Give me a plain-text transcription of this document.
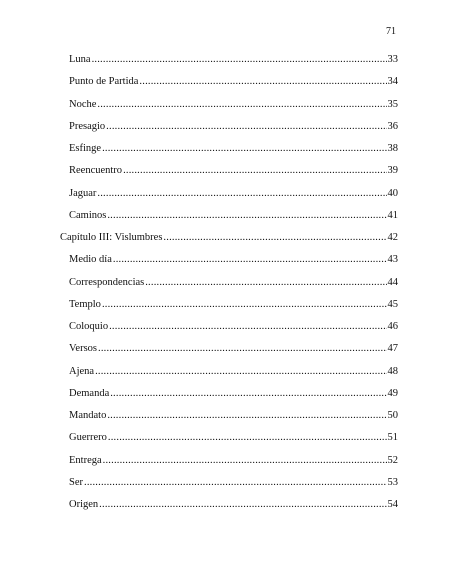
71
Luna .....	33
Punto de Partida .....	34
Noche .....	35
Presagio .....	36
Esfinge .....	38
Reencuentro .....	39
Jaguar .....	40
Caminos .....	41
Capítulo III: Vislumbres .....	42
Medio día .....	43
Correspondencias .....	44
Templo .....	45
Coloquio .....	46
Versos .....	47
Ajena .....	48
Demanda .....	49
Mandato .....	50
Guerrero .....	51
Entrega .....	52
Ser .....	53
Origen .....	54
